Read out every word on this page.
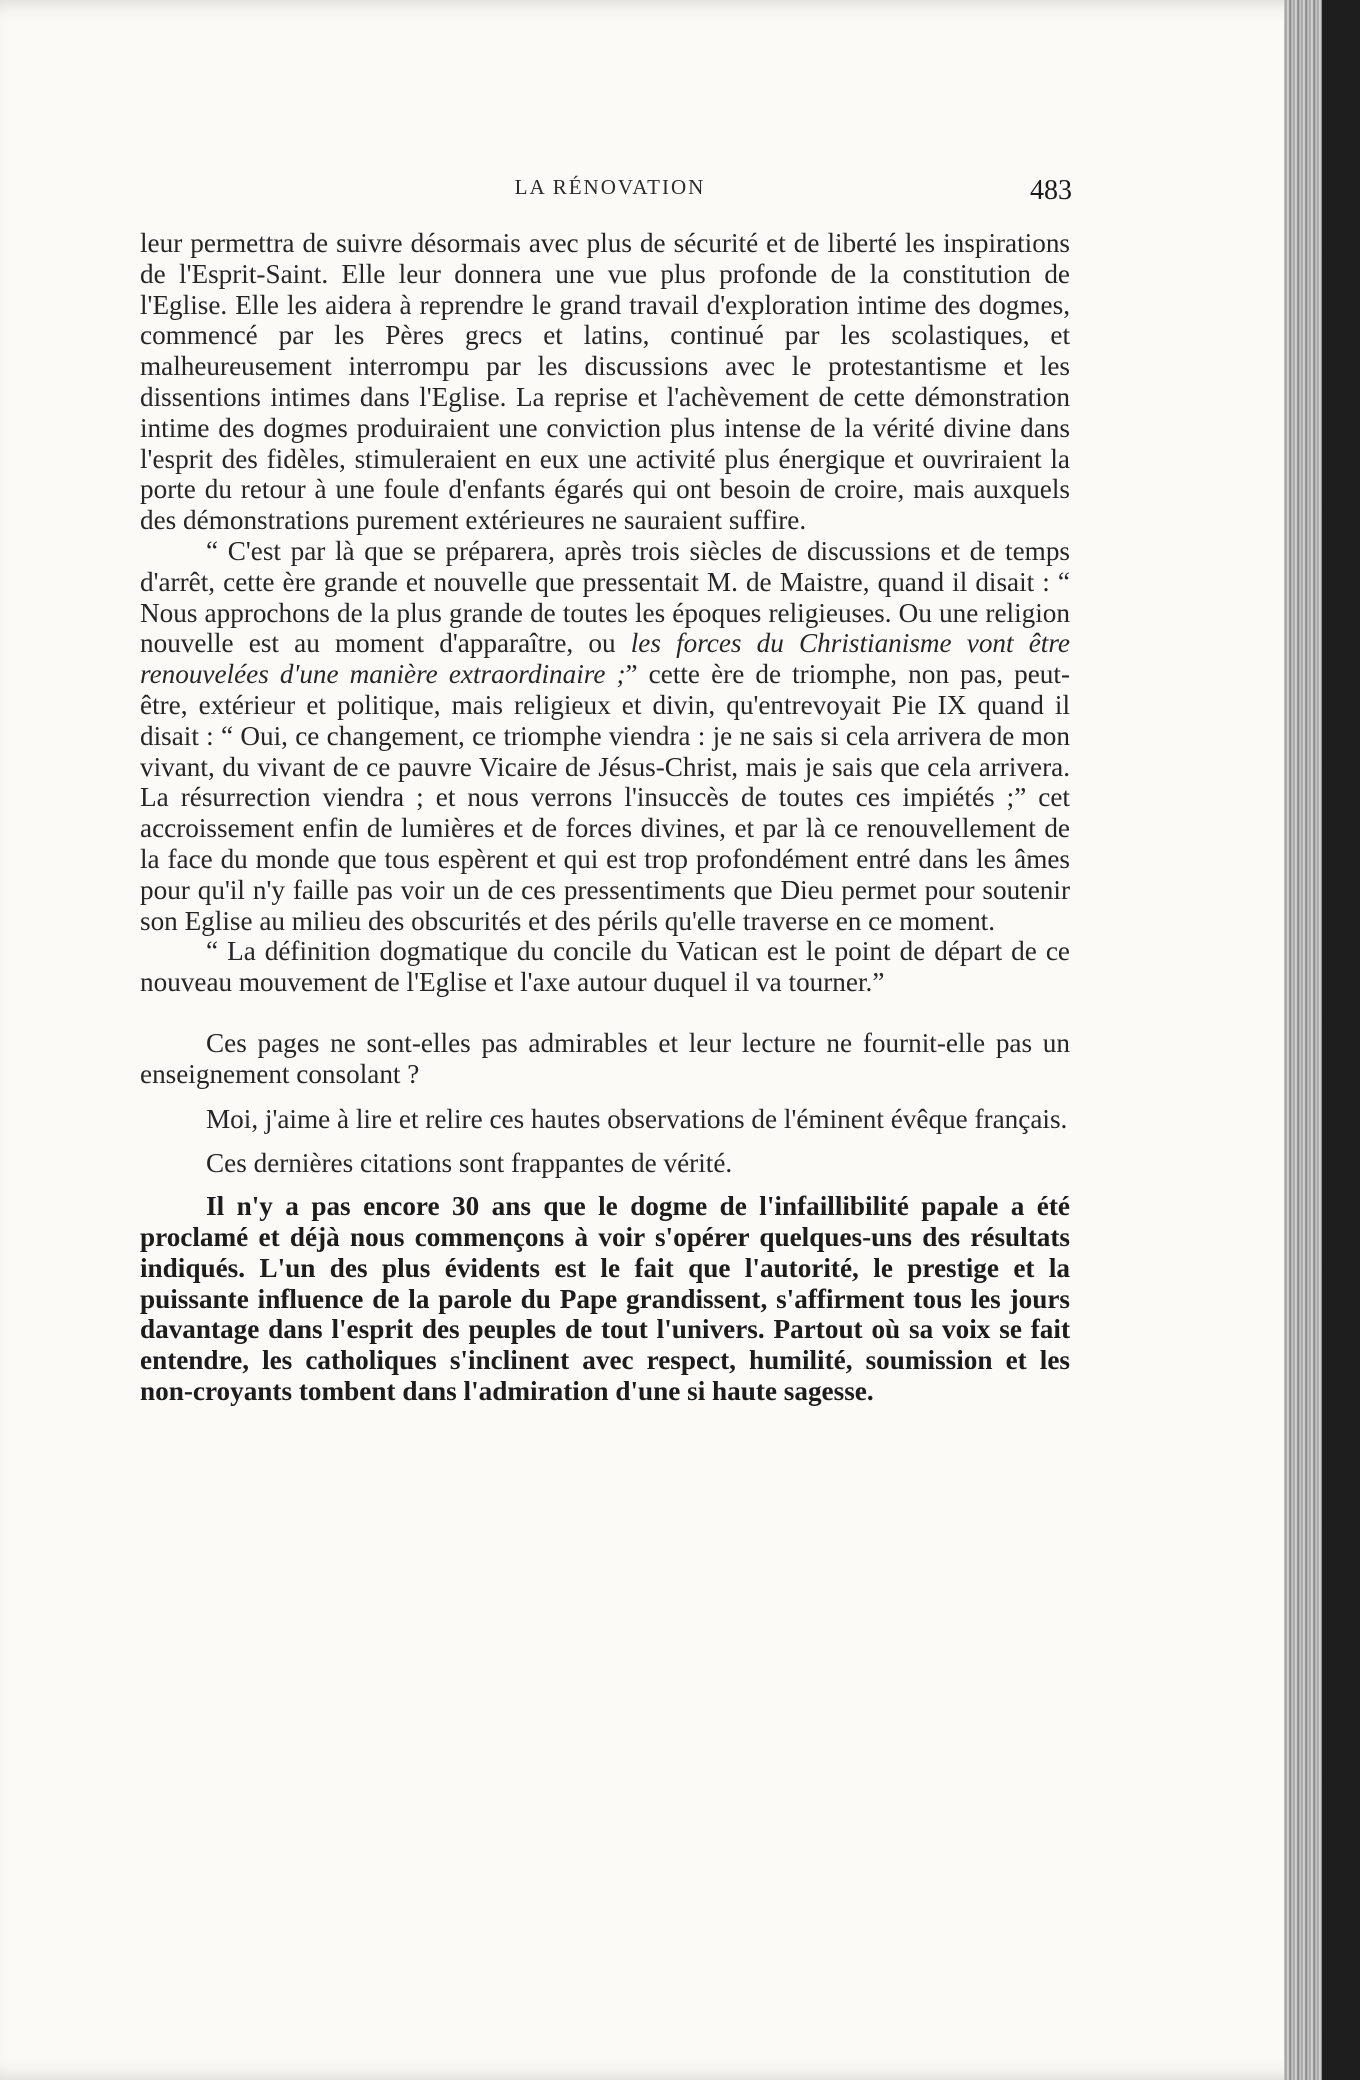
LA RÉNOVATION	483

leur permettra de suivre désormais avec plus de sécurité et de liberté les inspirations de l'Esprit-Saint. Elle leur donnera une vue plus profonde de la constitution de l'Eglise. Elle les aidera à reprendre le grand travail d'exploration intime des dogmes, commencé par les Pères grecs et latins, continué par les scolastiques, et malheureusement interrompu par les discussions avec le protestantisme et les dissentions intimes dans l'Eglise. La reprise et l'achèvement de cette démonstration intime des dogmes produiraient une conviction plus intense de la vérité divine dans l'esprit des fidèles, stimuleraient en eux une activité plus énergique et ouvriraient la porte du retour à une foule d'enfants égarés qui ont besoin de croire, mais auxquels des démonstrations purement extérieures ne sauraient suffire.

“ C'est par là que se préparera, après trois siècles de discussions et de temps d'arrêt, cette ère grande et nouvelle que pressentait M. de Maistre, quand il disait : “ Nous approchons de la plus grande de toutes les époques religieuses. Ou une religion nouvelle est au moment d'apparaître, ou les forces du Christianisme vont être renouvelées d'une manière extraordinaire ;” cette ère de triomphe, non pas, peut-être, extérieur et politique, mais religieux et divin, qu'entrevoyait Pie IX quand il disait : “ Oui, ce changement, ce triomphe viendra : je ne sais si cela arrivera de mon vivant, du vivant de ce pauvre Vicaire de Jésus-Christ, mais je sais que cela arrivera. La résurrection viendra ; et nous verrons l'insuccès de toutes ces impiétés ;” cet accroissement enfin de lumières et de forces divines, et par là ce renouvellement de la face du monde que tous espèrent et qui est trop profondément entré dans les âmes pour qu'il n'y faille pas voir un de ces pressentiments que Dieu permet pour soutenir son Eglise au milieu des obscurités et des périls qu'elle traverse en ce moment.

“ La définition dogmatique du concile du Vatican est le point de départ de ce nouveau mouvement de l'Eglise et l'axe autour duquel il va tourner.”

Ces pages ne sont-elles pas admirables et leur lecture ne fournit-elle pas un enseignement consolant ?

Moi, j'aime à lire et relire ces hautes observations de l'éminent évêque français.

Ces dernières citations sont frappantes de vérité.

Il n'y a pas encore 30 ans que le dogme de l'infaillibilité papale a été proclamé et déjà nous commençons à voir s'opérer quelques-uns des résultats indiqués. L'un des plus évidents est le fait que l'autorité, le prestige et la puissante influence de la parole du Pape grandissent, s'affirment tous les jours davantage dans l'esprit des peuples de tout l'univers. Partout où sa voix se fait entendre, les catholiques s'inclinent avec respect, humilité, soumission et les non-croyants tombent dans l'admiration d'une si haute sagesse.
